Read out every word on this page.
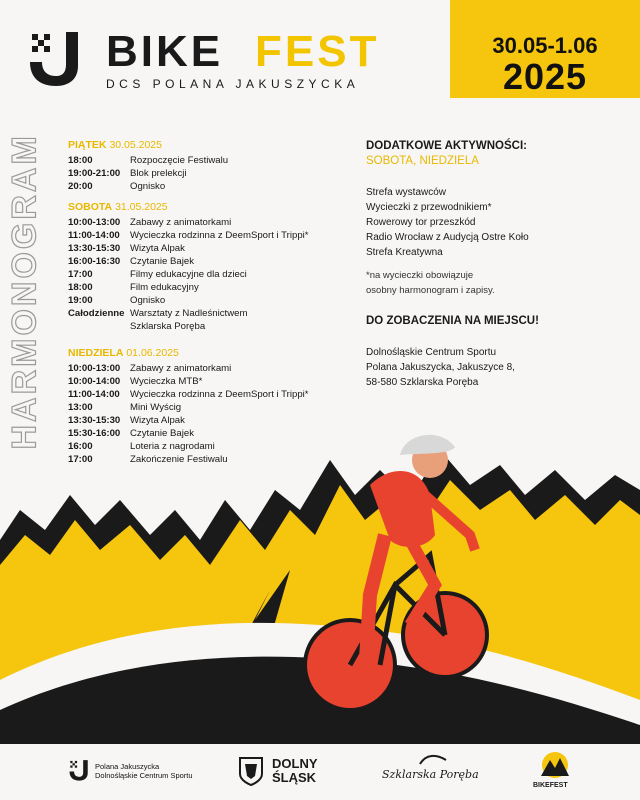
BIKE FEST
DCS POLANA JAKUSZYCKA
30.05-1.06
2025
HARMONOGRAM PIĄTEK 30.05.2025
18:00	Rozpoczęcie Festiwalu
19:00-21:00 Blok prelekcji
20:00	Ognisko
SOBOTA 31.05.2025
10:00-13:00 Zabawy z animatorkami
11:00-14:00 Wycieczka rodzinna z DeemSport i Trippi*
13:30-15:30 Wizyta Alpak
16:00-16:30 Czytanie Bajek
17:00	Filmy edukacyjne dla dzieci
18:00	Film edukacyjny
19:00	Ognisko
Całodzienne Warsztaty z Nadleśnictwem
Szklarska Poręba
NIEDZIELA 01.06.2025
10:00-13:00 Zabawy z animatorkami
10:00-14:00 Wycieczka MTB*
11:00-14:00 Wycieczka rodzinna z DeemSport i Trippi*
13:00	Mini Wyścig
13:30-15:30 Wizyta Alpak
15:30-16:00 Czytanie Bajek
16:00	Loteria z nagrodami
17:00	Zakończenie Festiwalu
DODATKOWE AKTYWNOŚCI:
SOBOTA, NIEDZIELA
Strefa wystawców
Wycieczki z przewodnikiem*
Rowerowy tor przeszkód
Radio Wrocław z Audycją Ostre Koło
Strefa Kreatywna
*na wycieczki obowiązuje
osobny harmonogram i zapisy.
DO ZOBACZENIA NA MIEJSCU!
Dolnośląskie Centrum Sportu
Polana Jakuszycka, Jakuszyce 8,
58-580 Szklarska Poręba
Polana Jakuszycka
Dolnośląskie Centrum Sportu
DOLNY
ŚLĄSK	Szklarska Poręba
BIKEFEST
